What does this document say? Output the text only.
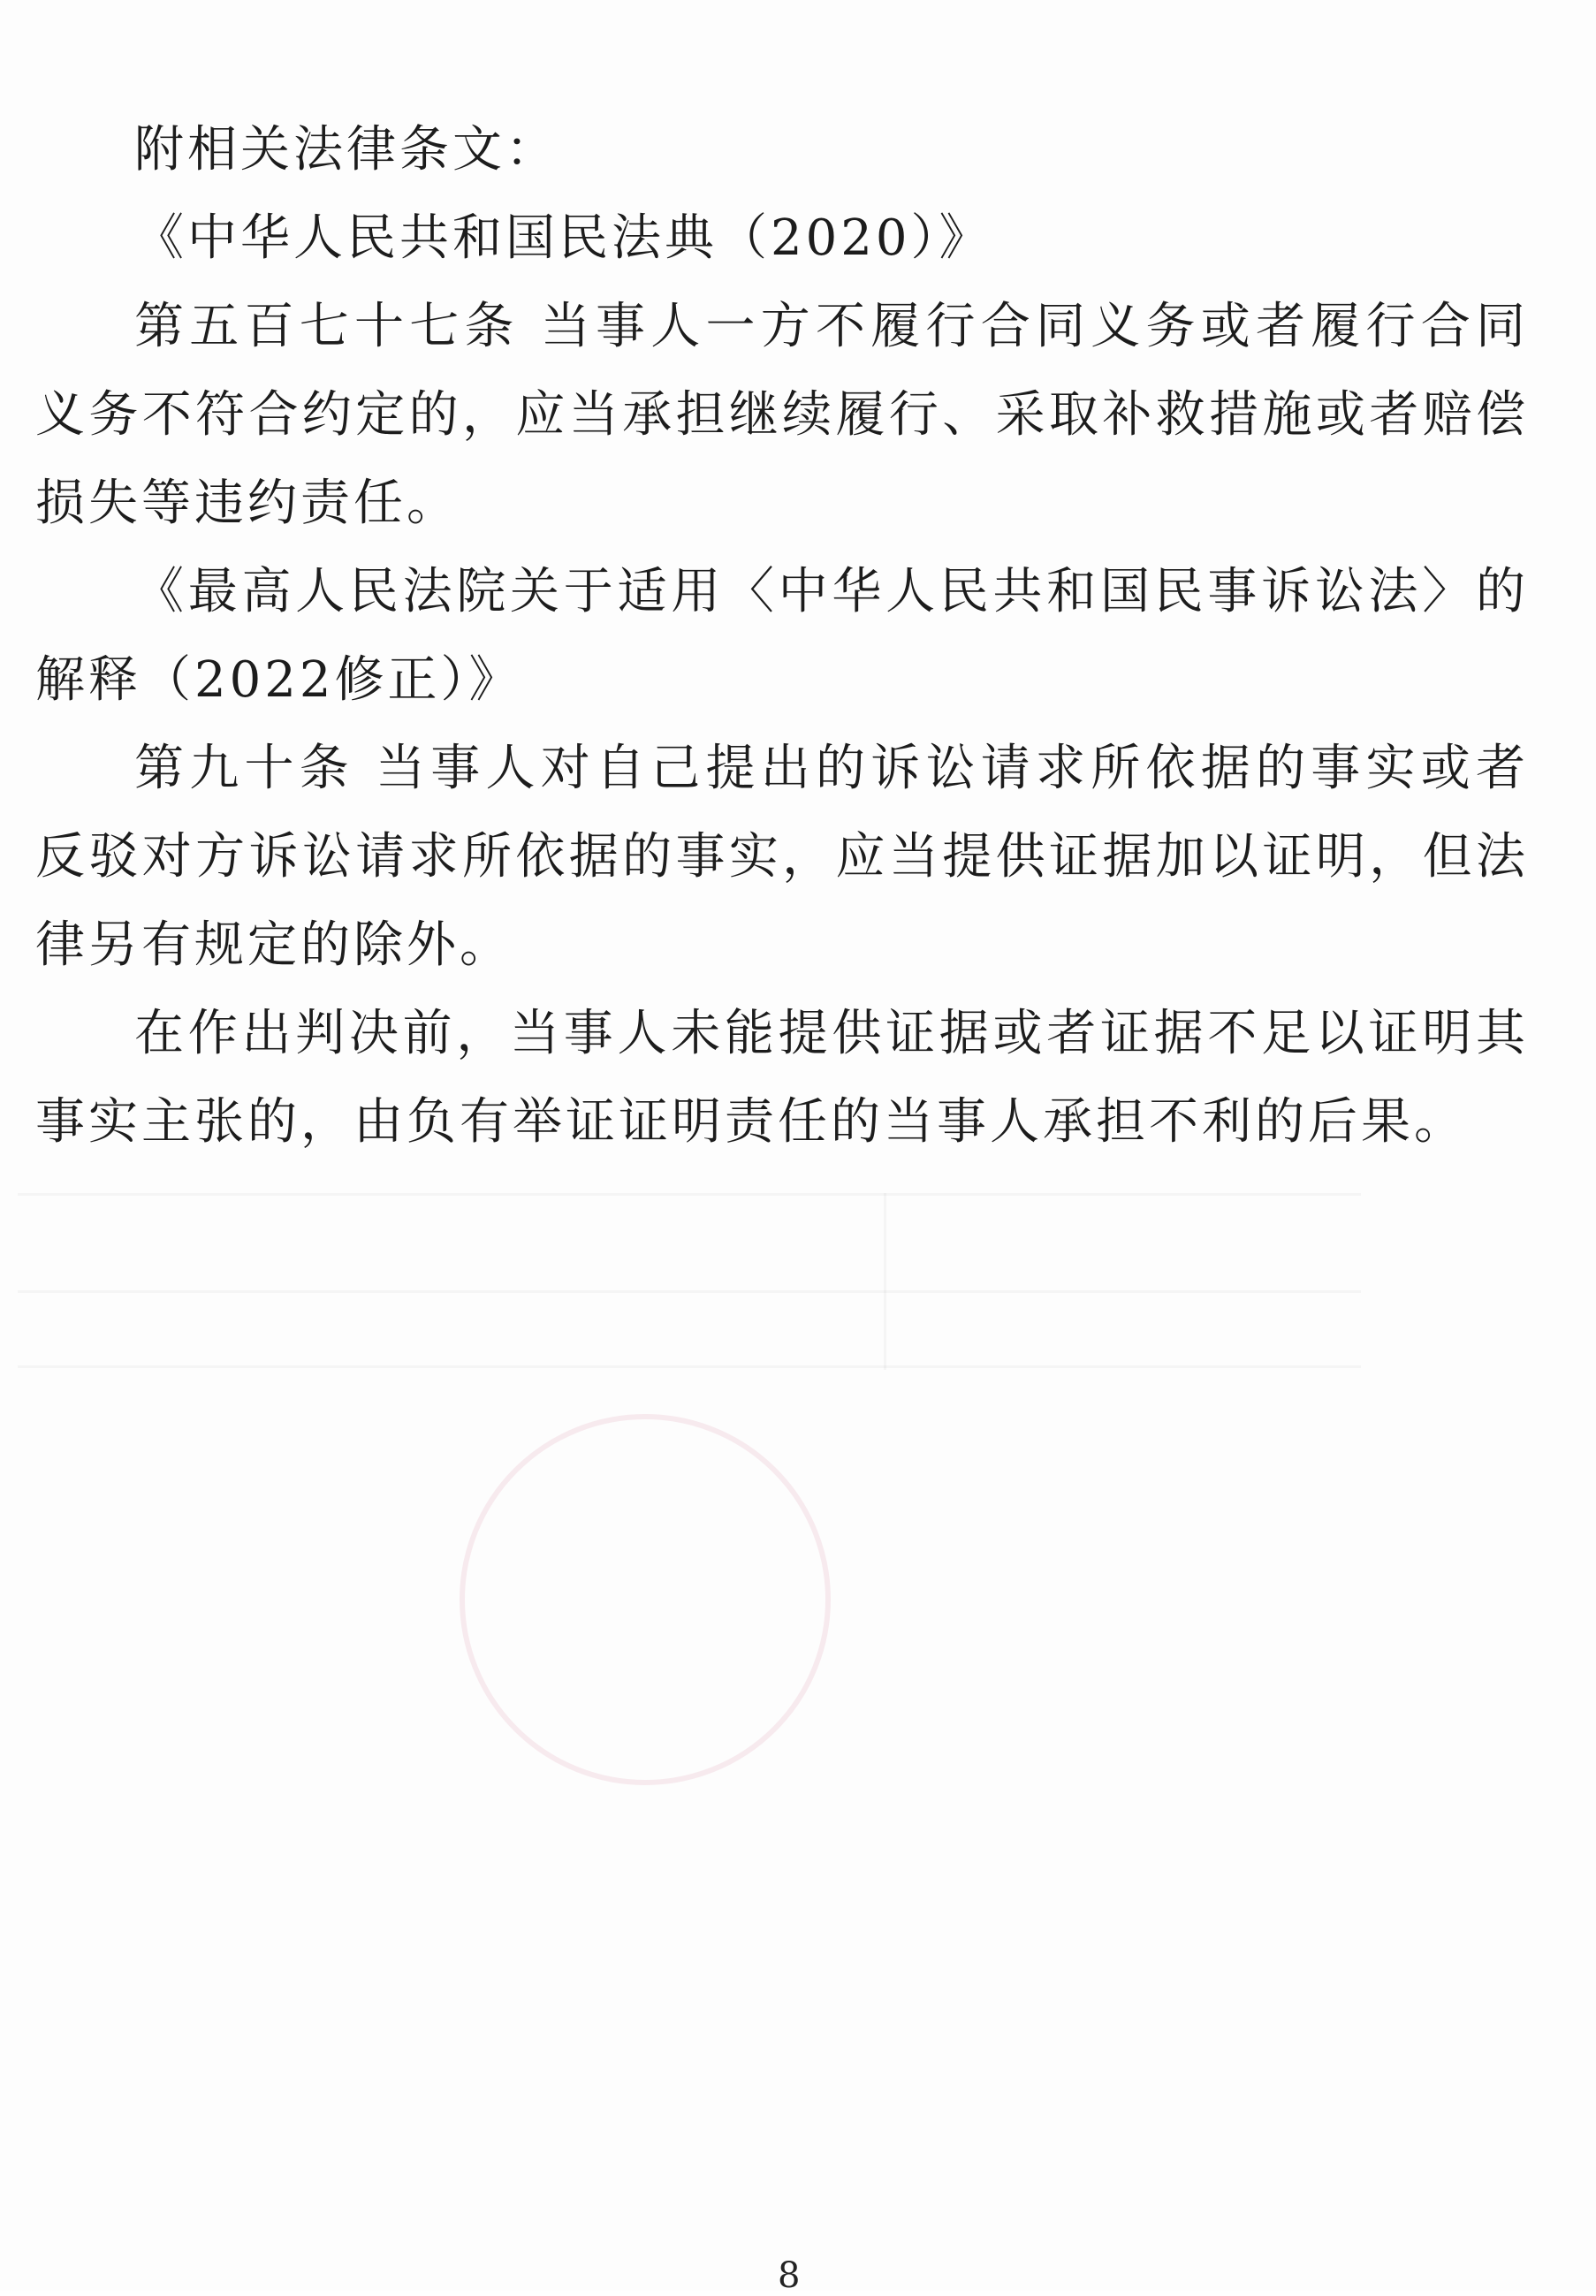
附相关法律条文：

《中华人民共和国民法典（2020）》

第五百七十七条 当事人一方不履行合同义务或者履行合同义务不符合约定的，应当承担继续履行、采取补救措施或者赔偿损失等违约责任。

《最高人民法院关于适用〈中华人民共和国民事诉讼法〉的解释（2022修正）》

第九十条 当事人对自己提出的诉讼请求所依据的事实或者反驳对方诉讼请求所依据的事实，应当提供证据加以证明，但法律另有规定的除外。

在作出判决前，当事人未能提供证据或者证据不足以证明其事实主张的，由负有举证证明责任的当事人承担不利的后果。

8
